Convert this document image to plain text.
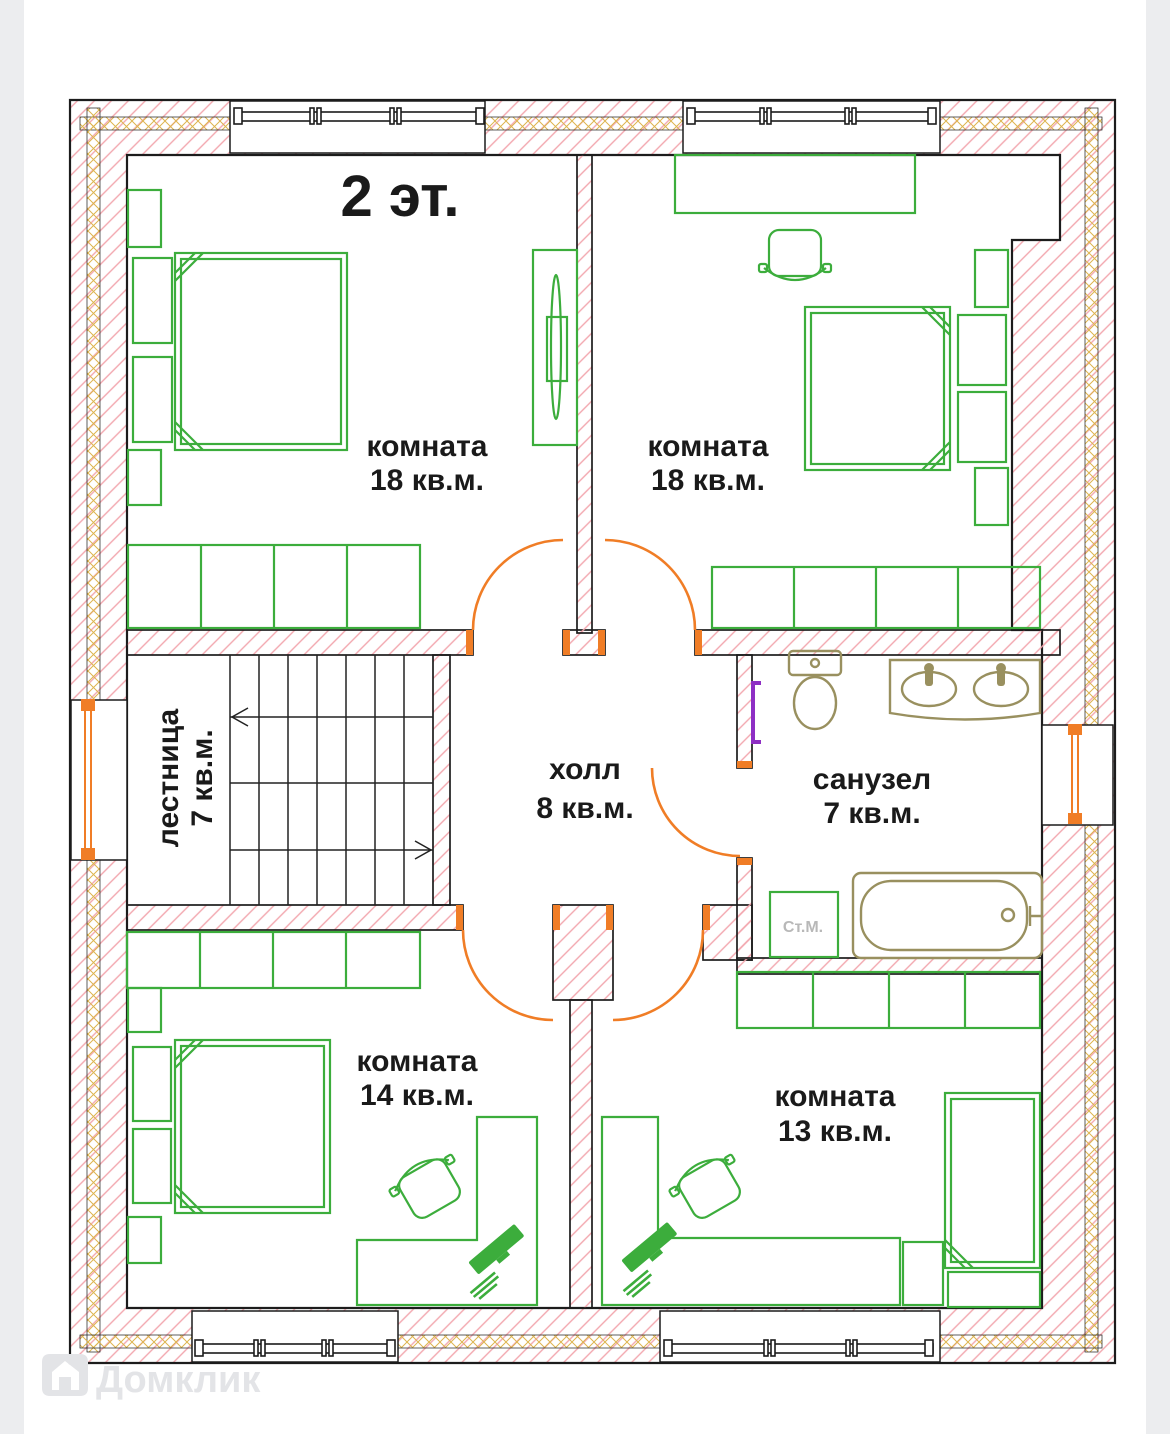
Ст.М.
2 эт.
комната
18 кв.м.
комната
18 кв.м.
лестница 7 кв.м.	холл
8 кв.м.
санузел
7 кв.м.
комната
14 кв.м.	комната
13 кв.м.
Домклик
